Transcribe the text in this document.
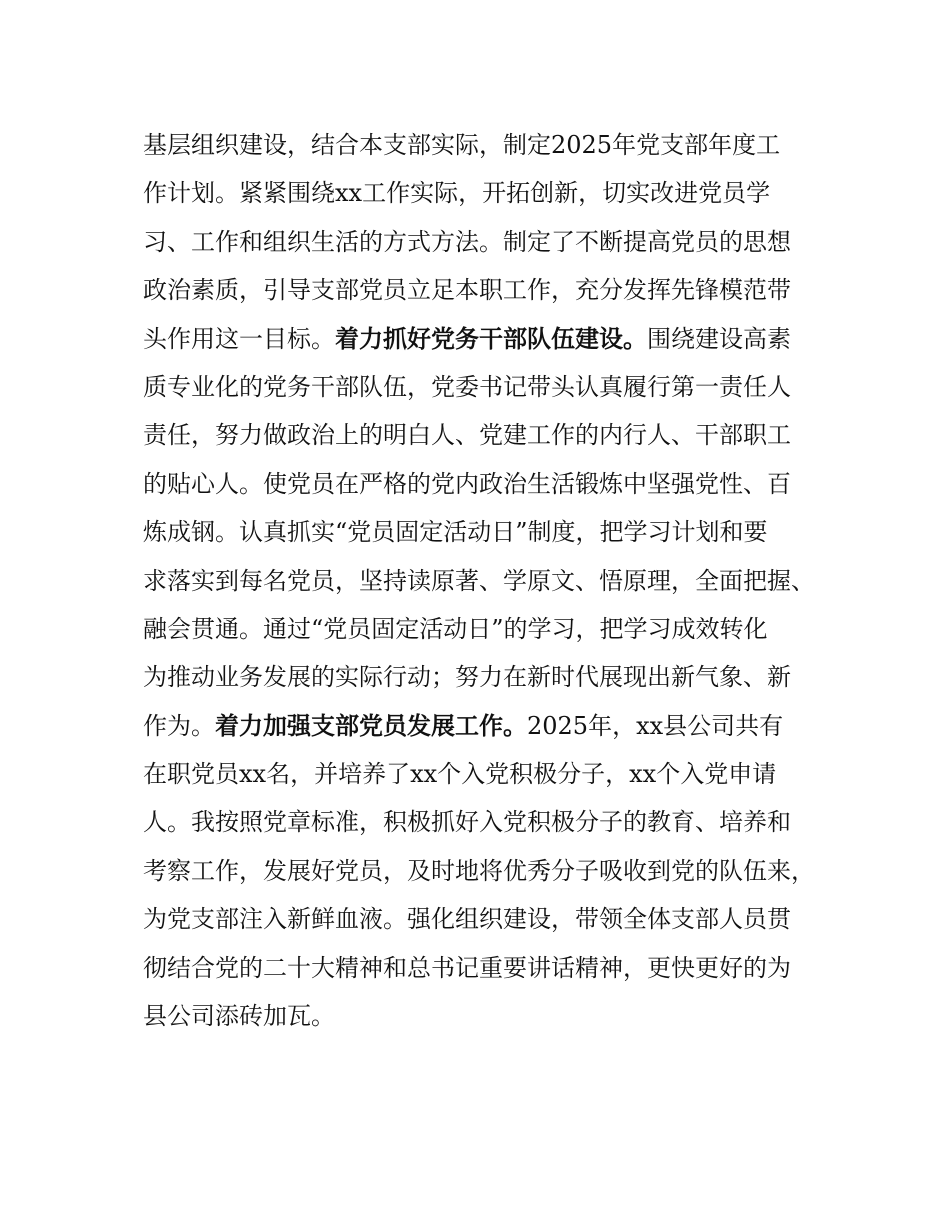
基层组织建设，结合本支部实际，制定2025年党支部年度工
作计划。紧紧围绕xx工作实际，开拓创新，切实改进党员学
习、工作和组织生活的方式方法。制定了不断提高党员的思想
政治素质，引导支部党员立足本职工作，充分发挥先锋模范带
头作用这一目标。着力抓好党务干部队伍建设。围绕建设高素
质专业化的党务干部队伍，党委书记带头认真履行第一责任人
责任，努力做政治上的明白人、党建工作的内行人、干部职工
的贴心人。使党员在严格的党内政治生活锻炼中坚强党性、百
炼成钢。认真抓实“党员固定活动日”制度，把学习计划和要
求落实到每名党员，坚持读原著、学原文、悟原理，全面把握、
融会贯通。通过“党员固定活动日”的学习，把学习成效转化
为推动业务发展的实际行动；努力在新时代展现出新气象、新
作为。着力加强支部党员发展工作。2025年，xx县公司共有
在职党员xx名，并培养了xx个入党积极分子，xx个入党申请
人。我按照党章标准，积极抓好入党积极分子的教育、培养和
考察工作，发展好党员，及时地将优秀分子吸收到党的队伍来，
为党支部注入新鲜血液。强化组织建设，带领全体支部人员贯
彻结合党的二十大精神和总书记重要讲话精神，更快更好的为
县公司添砖加瓦。
